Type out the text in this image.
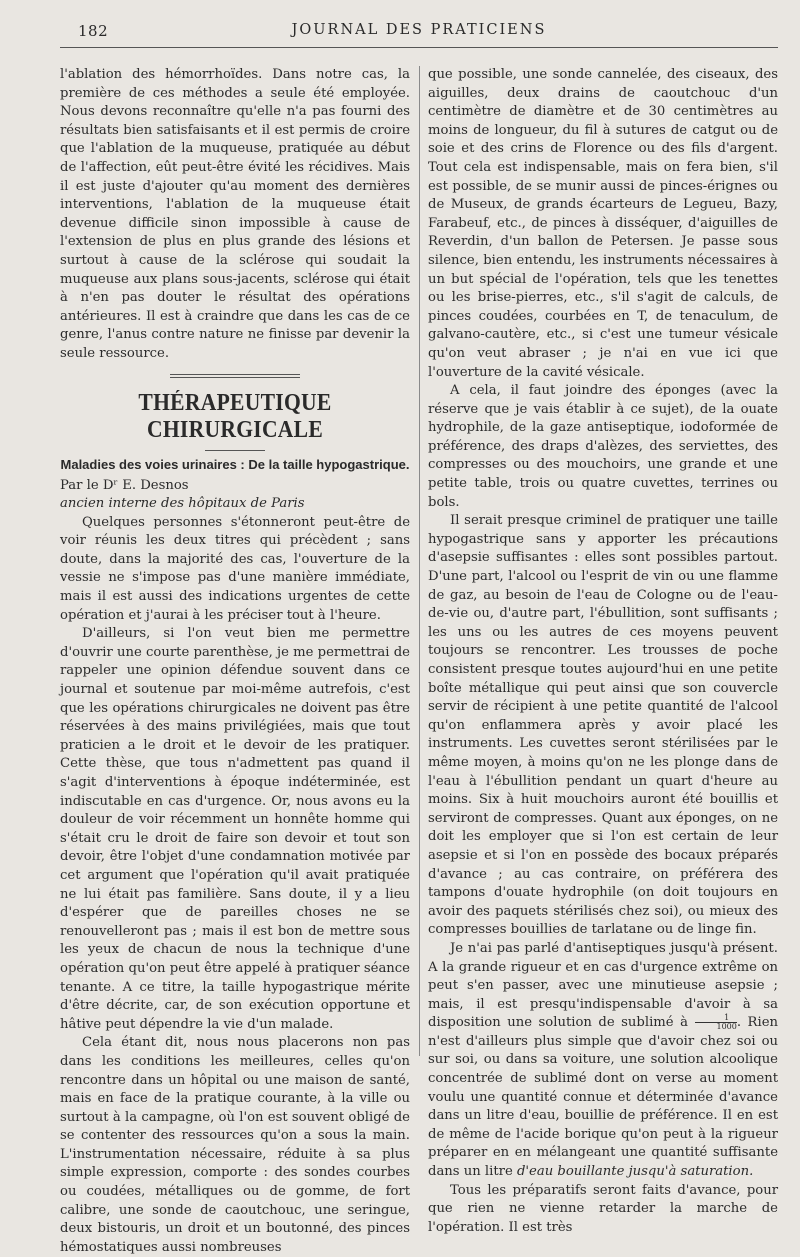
182	JOURNAL DES PRATICIENS

l'ablation des hémorrhoïdes. Dans notre cas, la première de ces méthodes a seule été employée. Nous devons reconnaître qu'elle n'a pas fourni des résultats bien satisfaisants et il est permis de croire que l'ablation de la muqueuse, pratiquée au début de l'affection, eût peut-être évité les récidives. Mais il est juste d'ajouter qu'au moment des dernières interventions, l'ablation de la muqueuse était devenue difficile sinon impossible à cause de l'extension de plus en plus grande des lésions et surtout à cause de la sclérose qui soudait la muqueuse aux plans sous-jacents, sclérose qui était à n'en pas douter le résultat des opérations antérieures. Il est à craindre que dans les cas de ce genre, l'anus contre nature ne finisse par devenir la seule ressource.

THÉRAPEUTIQUE CHIRURGICALE
Maladies des voies urinaires : De la taille hypogastrique.

Par le Dʳ E. Desnos

ancien interne des hôpitaux de Paris

Quelques personnes s'étonneront peut-être de voir réunis les deux titres qui précèdent ; sans doute, dans la majorité des cas, l'ouverture de la vessie ne s'impose pas d'une manière immédiate, mais il est aussi des indications urgentes de cette opération et j'aurai à les préciser tout à l'heure.

D'ailleurs, si l'on veut bien me permettre d'ouvrir une courte parenthèse, je me permettrai de rappeler une opinion défendue souvent dans ce journal et soutenue par moi-même autrefois, c'est que les opérations chirurgicales ne doivent pas être réservées à des mains privilégiées, mais que tout praticien a le droit et le devoir de les pratiquer. Cette thèse, que tous n'admettent pas quand il s'agit d'interventions à époque indéterminée, est indiscutable en cas d'urgence. Or, nous avons eu la douleur de voir récemment un honnête homme qui s'était cru le droit de faire son devoir et tout son devoir, être l'objet d'une condamnation motivée par cet argument que l'opération qu'il avait pratiquée ne lui était pas familière. Sans doute, il y a lieu d'espérer que de pareilles choses ne se renouvelleront pas ; mais il est bon de mettre sous les yeux de chacun de nous la technique d'une opération qu'on peut être appelé à pratiquer séance tenante. A ce titre, la taille hypogastrique mérite d'être décrite, car, de son exécution opportune et hâtive peut dépendre la vie d'un malade.

Cela étant dit, nous nous placerons non pas dans les conditions les meilleures, celles qu'on rencontre dans un hôpital ou une maison de santé, mais en face de la pratique courante, à la ville ou surtout à la campagne, où l'on est souvent obligé de se contenter des ressources qu'on a sous la main. L'instrumentation nécessaire, réduite à sa plus simple expression, comporte : des sondes courbes ou coudées, métalliques ou de gomme, de fort calibre, une sonde de caoutchouc, une seringue, deux bistouris, un droit et un boutonné, des pinces hémostatiques aussi nombreuses

que possible, une sonde cannelée, des ciseaux, des aiguilles, deux drains de caoutchouc d'un centimètre de diamètre et de 30 centimètres au moins de longueur, du fil à sutures de catgut ou de soie et des crins de Florence ou des fils d'argent. Tout cela est indispensable, mais on fera bien, s'il est possible, de se munir aussi de pinces-érignes ou de Museux, de grands écarteurs de Legueu, Bazy, Farabeuf, etc., de pinces à disséquer, d'aiguilles de Reverdin, d'un ballon de Petersen. Je passe sous silence, bien entendu, les instruments nécessaires à un but spécial de l'opération, tels que les tenettes ou les brise-pierres, etc., s'il s'agit de calculs, de pinces coudées, courbées en T, de tenaculum, de galvano-cautère, etc., si c'est une tumeur vésicale qu'on veut abraser ; je n'ai en vue ici que l'ouverture de la cavité vésicale.

A cela, il faut joindre des éponges (avec la réserve que je vais établir à ce sujet), de la ouate hydrophile, de la gaze antiseptique, iodoformée de préférence, des draps d'alèzes, des serviettes, des compresses ou des mouchoirs, une grande et une petite table, trois ou quatre cuvettes, terrines ou bols.

Il serait presque criminel de pratiquer une taille hypogastrique sans y apporter les précautions d'asepsie suffisantes : elles sont possibles partout. D'une part, l'alcool ou l'esprit de vin ou une flamme de gaz, au besoin de l'eau de Cologne ou de l'eau-de-vie ou, d'autre part, l'ébullition, sont suffisants ; les uns ou les autres de ces moyens peuvent toujours se rencontrer. Les trousses de poche consistent presque toutes aujourd'hui en une petite boîte métallique qui peut ainsi que son couvercle servir de récipient à une petite quantité de l'alcool qu'on enflammera après y avoir placé les instruments. Les cuvettes seront stérilisées par le même moyen, à moins qu'on ne les plonge dans de l'eau à l'ébullition pendant un quart d'heure au moins. Six à huit mouchoirs auront été bouillis et serviront de compresses. Quant aux éponges, on ne doit les employer que si l'on est certain de leur asepsie et si l'on en possède des bocaux préparés d'avance ; au cas contraire, on préférera des tampons d'ouate hydrophile (on doit toujours en avoir des paquets stérilisés chez soi), ou mieux des compresses bouillies de tarlatane ou de linge fin.

Je n'ai pas parlé d'antiseptiques jusqu'à présent. A la grande rigueur et en cas d'urgence extrême on peut s'en passer, avec une minutieuse asepsie ; mais, il est presqu'indispensable d'avoir à sa disposition une solution de sublimé à $\frac{1}{1000}$ . Rien n'est d'ailleurs plus simple que d'avoir chez soi ou sur soi, ou dans sa voiture, une solution alcoolique concentrée de sublimé dont on verse au moment voulu une quantité connue et déterminée d'avance dans un litre d'eau, bouillie de préférence. Il en est de même de l'acide borique qu'on peut à la rigueur préparer en en mélangeant une quantité suffisante dans un litre d'eau bouillante jusqu'à saturation.

Tous les préparatifs seront faits d'avance, pour que rien ne vienne retarder la marche de l'opération. Il est très
